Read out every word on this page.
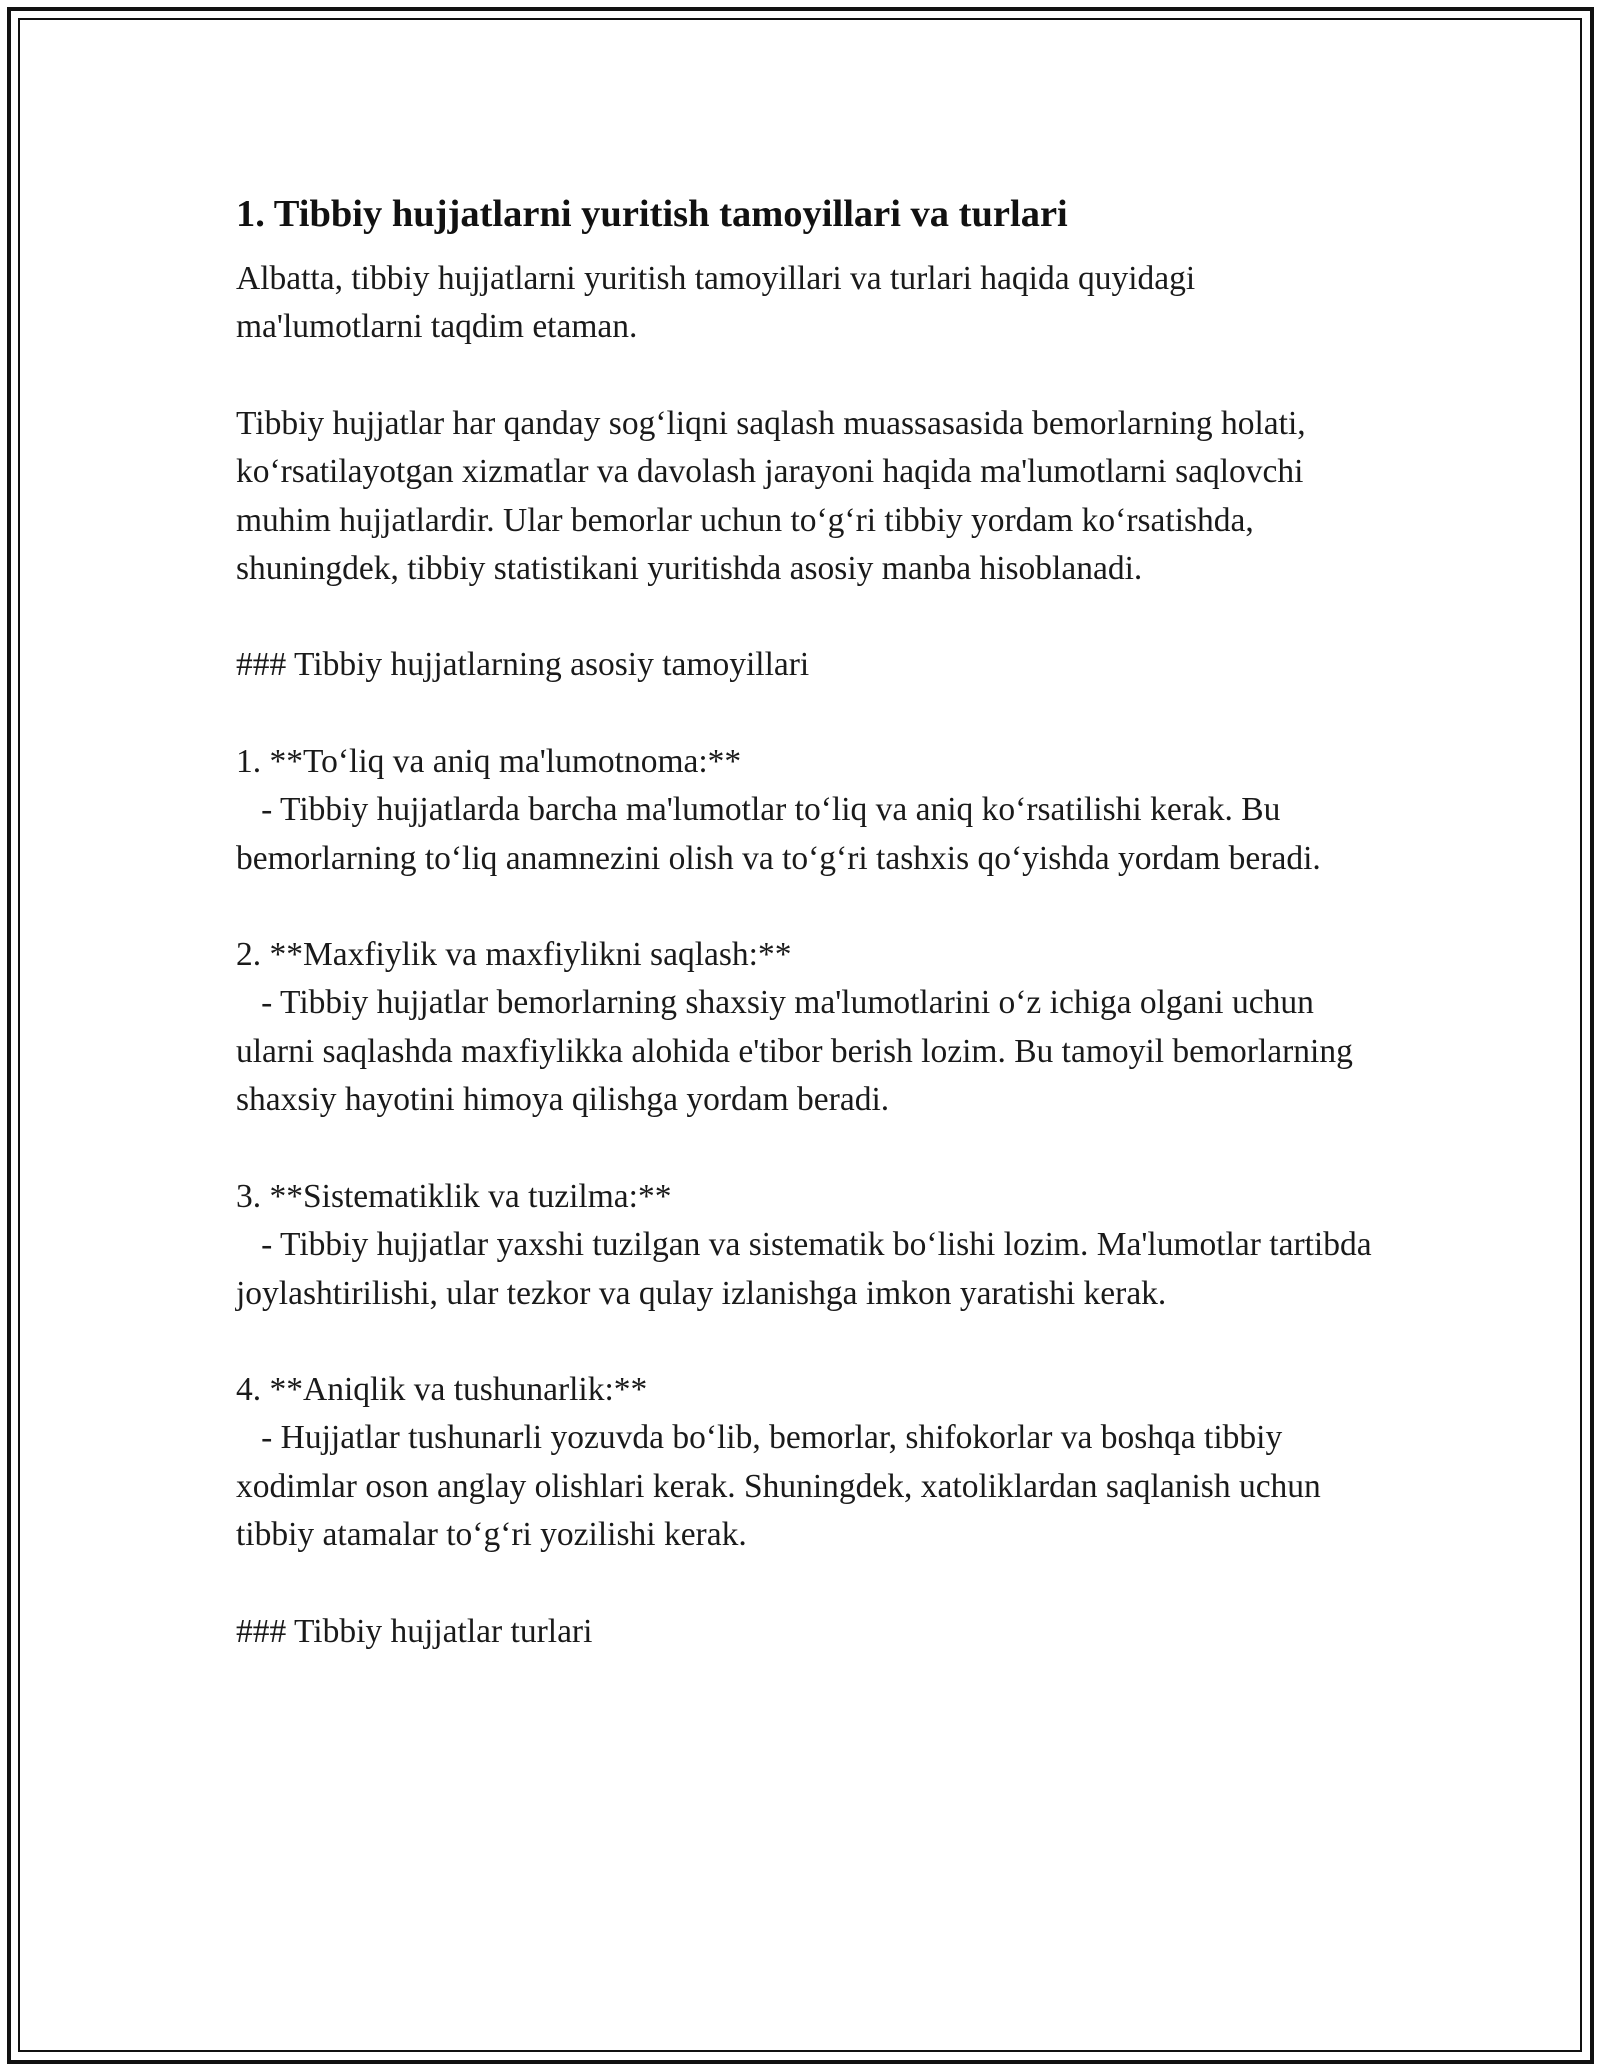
1. Tibbiy hujjatlarni yuritish tamoyillari va turlari

Albatta, tibbiy hujjatlarni yuritish tamoyillari va turlari haqida quyidagi ma'lumotlarni taqdim etaman.

Tibbiy hujjatlar har qanday sog‘liqni saqlash muassasasida bemorlarning holati, ko‘rsatilayotgan xizmatlar va davolash jarayoni haqida ma'lumotlarni saqlovchi muhim hujjatlardir. Ular bemorlar uchun to‘g‘ri tibbiy yordam ko‘rsatishda, shuningdek, tibbiy statistikani yuritishda asosiy manba hisoblanadi.

### Tibbiy hujjatlarning asosiy tamoyillari

1. **To‘liq va aniq ma'lumotnoma:**
- Tibbiy hujjatlarda barcha ma'lumotlar to‘liq va aniq ko‘rsatilishi kerak. Bu bemorlarning to‘liq anamnezini olish va to‘g‘ri tashxis qo‘yishda yordam beradi.

2. **Maxfiylik va maxfiylikni saqlash:**
- Tibbiy hujjatlar bemorlarning shaxsiy ma'lumotlarini o‘z ichiga olgani uchun ularni saqlashda maxfiylikka alohida e'tibor berish lozim. Bu tamoyil bemorlarning shaxsiy hayotini himoya qilishga yordam beradi.

3. **Sistematiklik va tuzilma:**
- Tibbiy hujjatlar yaxshi tuzilgan va sistematik bo‘lishi lozim. Ma'lumotlar tartibda joylashtirilishi, ular tezkor va qulay izlanishga imkon yaratishi kerak.

4. **Aniqlik va tushunarlik:**
- Hujjatlar tushunarli yozuvda bo‘lib, bemorlar, shifokorlar va boshqa tibbiy xodimlar oson anglay olishlari kerak. Shuningdek, xatoliklardan saqlanish uchun tibbiy atamalar to‘g‘ri yozilishi kerak.

### Tibbiy hujjatlar turlari
